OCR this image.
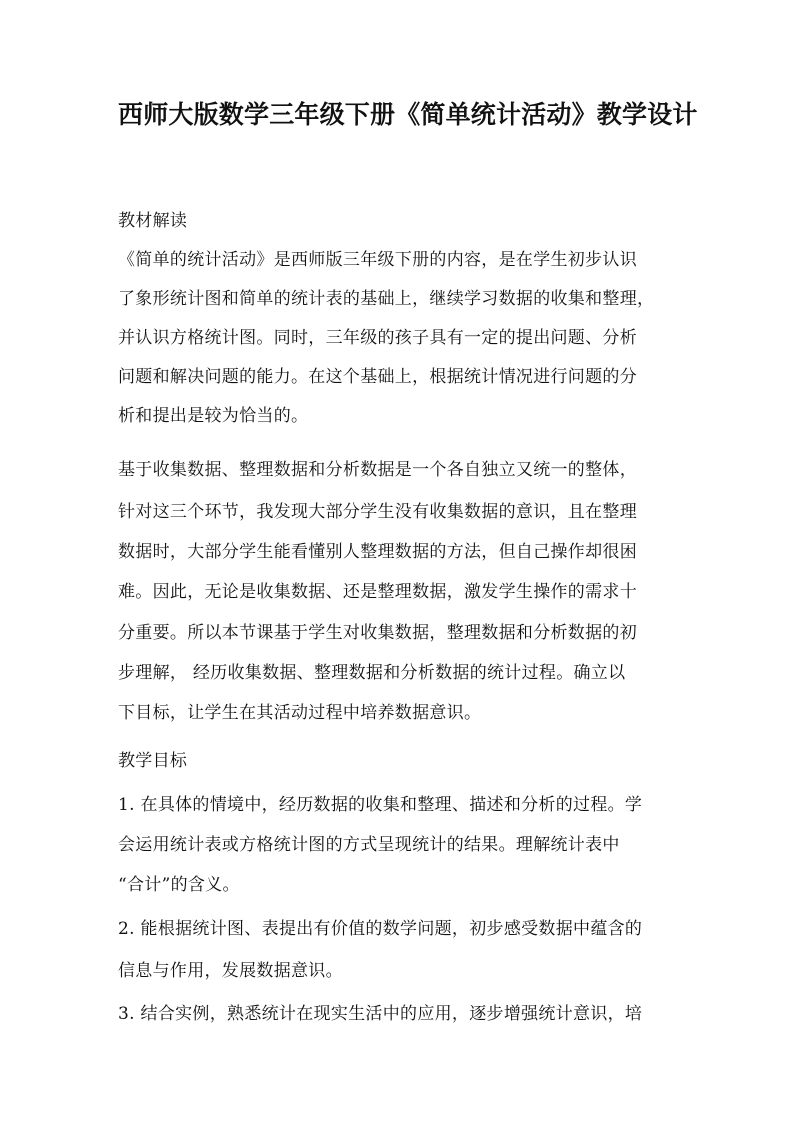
西师大版数学三年级下册《简单统计活动》教学设计
教材解读
《简单的统计活动》是西师版三年级下册的内容，是在学生初步认识
了象形统计图和简单的统计表的基础上，继续学习数据的收集和整理，
并认识方格统计图。同时，三年级的孩子具有一定的提出问题、分析
问题和解决问题的能力。在这个基础上，根据统计情况进行问题的分
析和提出是较为恰当的。
基于收集数据、整理数据和分析数据是一个各自独立又统一的整体，
针对这三个环节，我发现大部分学生没有收集数据的意识，且在整理
数据时，大部分学生能看懂别人整理数据的方法，但自己操作却很困
难。因此，无论是收集数据、还是整理数据，激发学生操作的需求十
分重要。所以本节课基于学生对收集数据，整理数据和分析数据的初
步理解， 经历收集数据、整理数据和分析数据的统计过程。确立以
下目标，让学生在其活动过程中培养数据意识。
教学目标
1. 在具体的情境中，经历数据的收集和整理、描述和分析的过程。学
会运用统计表或方格统计图的方式呈现统计的结果。理解统计表中
“合计”的含义。
2. 能根据统计图、表提出有价值的数学问题，初步感受数据中蕴含的
信息与作用，发展数据意识。
3. 结合实例，熟悉统计在现实生活中的应用，逐步增强统计意识，培
